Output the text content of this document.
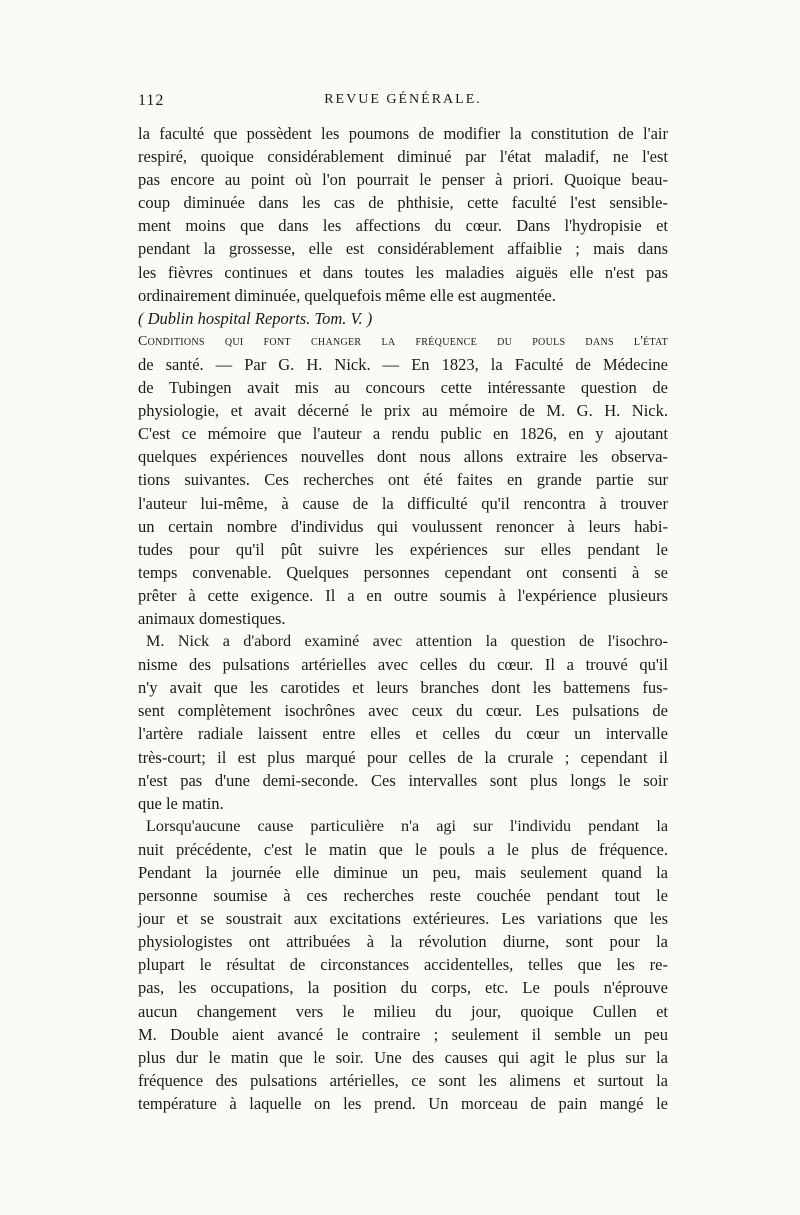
112	REVUE GÉNÉRALE.

la faculté que possèdent les poumons de modifier la constitution de l'air
respiré, quoique considérablement diminué par l'état maladif, ne l'est
pas encore au point où l'on pourrait le penser à priori. Quoique beau-
coup diminuée dans les cas de phthisie, cette faculté l'est sensible-
ment moins que dans les affections du cœur. Dans l'hydropisie et
pendant la grossesse, elle est considérablement affaiblie ; mais dans
les fièvres continues et dans toutes les maladies aiguës elle n'est pas
ordinairement diminuée, quelquefois même elle est augmentée.
( Dublin hospital Reports. Tom. V. )

Conditions qui font changer la fréquence du pouls dans l'état
de santé. — Par G. H. Nick. — En 1823, la Faculté de Médecine
de Tubingen avait mis au concours cette intéressante question de
physiologie, et avait décerné le prix au mémoire de M. G. H. Nick.
C'est ce mémoire que l'auteur a rendu public en 1826, en y ajoutant
quelques expériences nouvelles dont nous allons extraire les observa-
tions suivantes. Ces recherches ont été faites en grande partie sur
l'auteur lui-même, à cause de la difficulté qu'il rencontra à trouver
un certain nombre d'individus qui voulussent renoncer à leurs habi-
tudes pour qu'il pût suivre les expériences sur elles pendant le
temps convenable. Quelques personnes cependant ont consenti à se
prêter à cette exigence. Il a en outre soumis à l'expérience plusieurs
animaux domestiques.

M. Nick a d'abord examiné avec attention la question de l'isochro-
nisme des pulsations artérielles avec celles du cœur. Il a trouvé qu'il
n'y avait que les carotides et leurs branches dont les battemens fus-
sent complètement isochrônes avec ceux du cœur. Les pulsations de
l'artère radiale laissent entre elles et celles du cœur un intervalle
très-court; il est plus marqué pour celles de la crurale ; cependant il
n'est pas d'une demi-seconde. Ces intervalles sont plus longs le soir
que le matin.

Lorsqu'aucune cause particulière n'a agi sur l'individu pendant la
nuit précédente, c'est le matin que le pouls a le plus de fréquence.
Pendant la journée elle diminue un peu, mais seulement quand la
personne soumise à ces recherches reste couchée pendant tout le
jour et se soustrait aux excitations extérieures. Les variations que les
physiologistes ont attribuées à la révolution diurne, sont pour la
plupart le résultat de circonstances accidentelles, telles que les re-
pas, les occupations, la position du corps, etc. Le pouls n'éprouve
aucun changement vers le milieu du jour, quoique Cullen et
M. Double aient avancé le contraire ; seulement il semble un peu
plus dur le matin que le soir. Une des causes qui agit le plus sur la
fréquence des pulsations artérielles, ce sont les alimens et surtout la
température à laquelle on les prend. Un morceau de pain mangé le
